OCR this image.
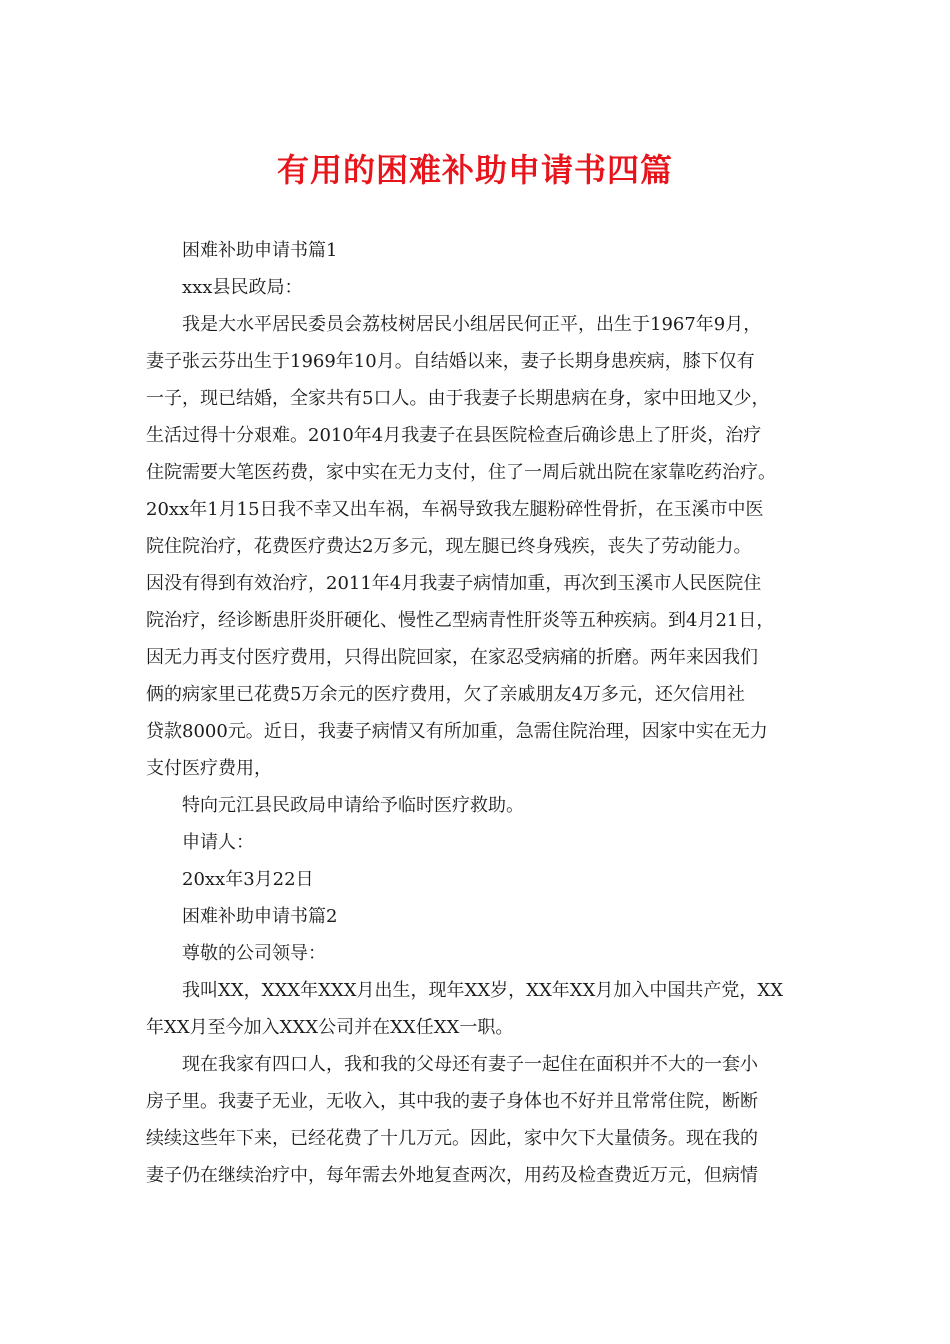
有用的困难补助申请书四篇
困难补助申请书篇1
xxx县民政局：
我是大水平居民委员会荔枝树居民小组居民何正平，出生于1967年9月，
妻子张云芬出生于1969年10月。自结婚以来，妻子长期身患疾病，膝下仅有
一子，现已结婚，全家共有5口人。由于我妻子长期患病在身，家中田地又少，
生活过得十分艰难。2010年4月我妻子在县医院检查后确诊患上了肝炎，治疗
住院需要大笔医药费，家中实在无力支付，住了一周后就出院在家靠吃药治疗。
20xx年1月15日我不幸又出车祸，车祸导致我左腿粉碎性骨折，在玉溪市中医
院住院治疗，花费医疗费达2万多元，现左腿已终身残疾，丧失了劳动能力。
因没有得到有效治疗，2011年4月我妻子病情加重，再次到玉溪市人民医院住
院治疗，经诊断患肝炎肝硬化、慢性乙型病青性肝炎等五种疾病。到4月21日，
因无力再支付医疗费用，只得出院回家，在家忍受病痛的折磨。两年来因我们
俩的病家里已花费5万余元的医疗费用，欠了亲戚朋友4万多元，还欠信用社
贷款8000元。近日，我妻子病情又有所加重，急需住院治理，因家中实在无力
支付医疗费用，
特向元江县民政局申请给予临时医疗救助。
申请人：
20xx年3月22日
困难补助申请书篇2
尊敬的公司领导：
我叫XX，XXX年XXX月出生，现年XX岁，XX年XX月加入中国共产党，XX
年XX月至今加入XXX公司并在XX任XX一职。
现在我家有四口人，我和我的父母还有妻子一起住在面积并不大的一套小
房子里。我妻子无业，无收入，其中我的妻子身体也不好并且常常住院，断断
续续这些年下来，已经花费了十几万元。因此，家中欠下大量债务。现在我的
妻子仍在继续治疗中，每年需去外地复查两次，用药及检查费近万元，但病情
